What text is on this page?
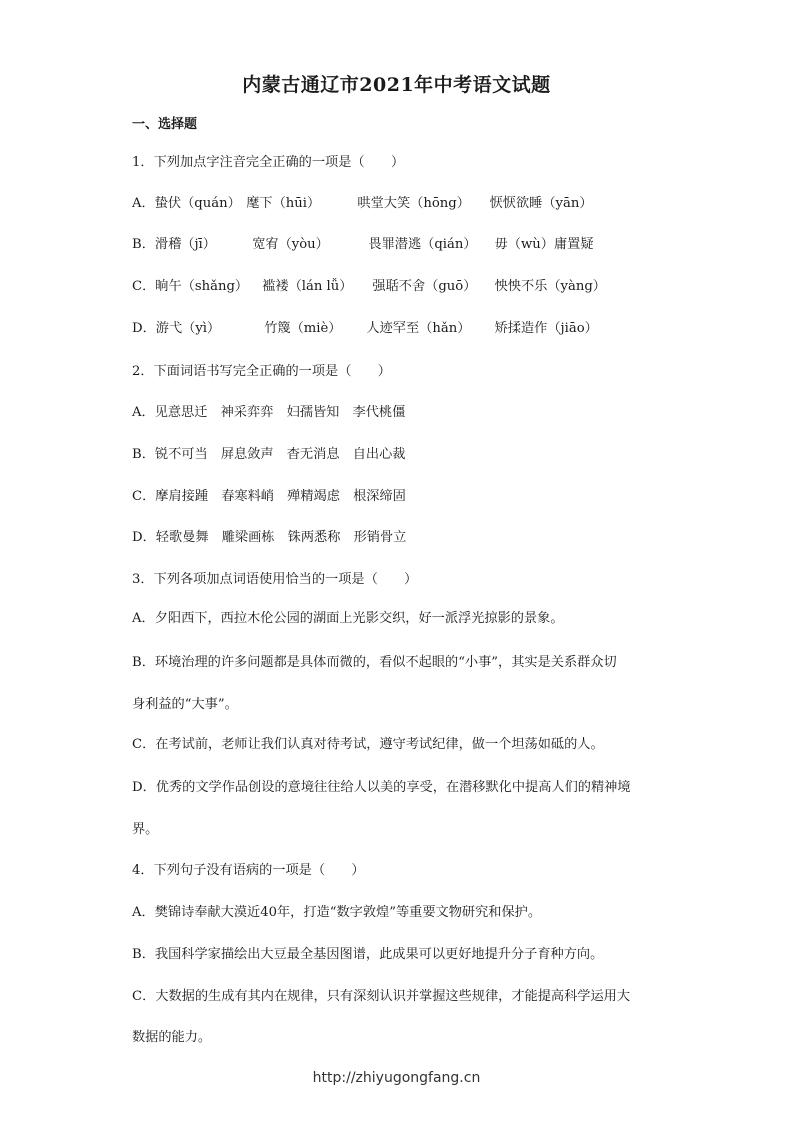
内蒙古通辽市2021年中考语文试题
一、选择题
1．下列加点字注音完全正确的一项是（　　）
A．蛰伏（quán） 麾下（hūi）	哄堂大笑（hōng） 恹恹欲睡（yān）
B．滑稽（jī）	宽宥（yòu）	畏罪潜逃（qián） 毋（wù）庸置疑
C．晌午（shǎng） 褴褛（lán lǚ） 强聒不舍（guō） 怏怏不乐（yàng）
D．游弋（yì）	竹篾（miè） 人迹罕至（hǎn） 矫揉造作（jiāo）
2．下面词语书写完全正确的一项是（　　）
A．见意思迁　神采弈弈　妇孺皆知　李代桃僵
B．锐不可当　屏息敛声　杳无消息　自出心裁
C．摩肩接踵　春寒料峭　殚精竭虑　根深缔固
D．轻歌曼舞　雕梁画栋　铢两悉称　形销骨立
3．下列各项加点词语使用恰当的一项是（　　）
A．夕阳西下，西拉木伦公园的湖面上光影交织，好一派浮光掠影的景象。
B．环境治理的许多问题都是具体而微的，看似不起眼的“小事”，其实是关系群众切
身利益的“大事”。
C．在考试前，老师让我们认真对待考试，遵守考试纪律，做一个坦荡如砥的人。
D．优秀的文学作品创设的意境往往给人以美的享受，在潜移默化中提高人们的精神境
界。
4．下列句子没有语病的一项是（　　）
A．樊锦诗奉献大漠近40年，打造“数字敦煌”等重要文物研究和保护。
B．我国科学家描绘出大豆最全基因图谱，此成果可以更好地提升分子育种方向。
C．大数据的生成有其内在规律，只有深刻认识并掌握这些规律，才能提高科学运用大
数据的能力。
http://zhiyugongfang.cn
